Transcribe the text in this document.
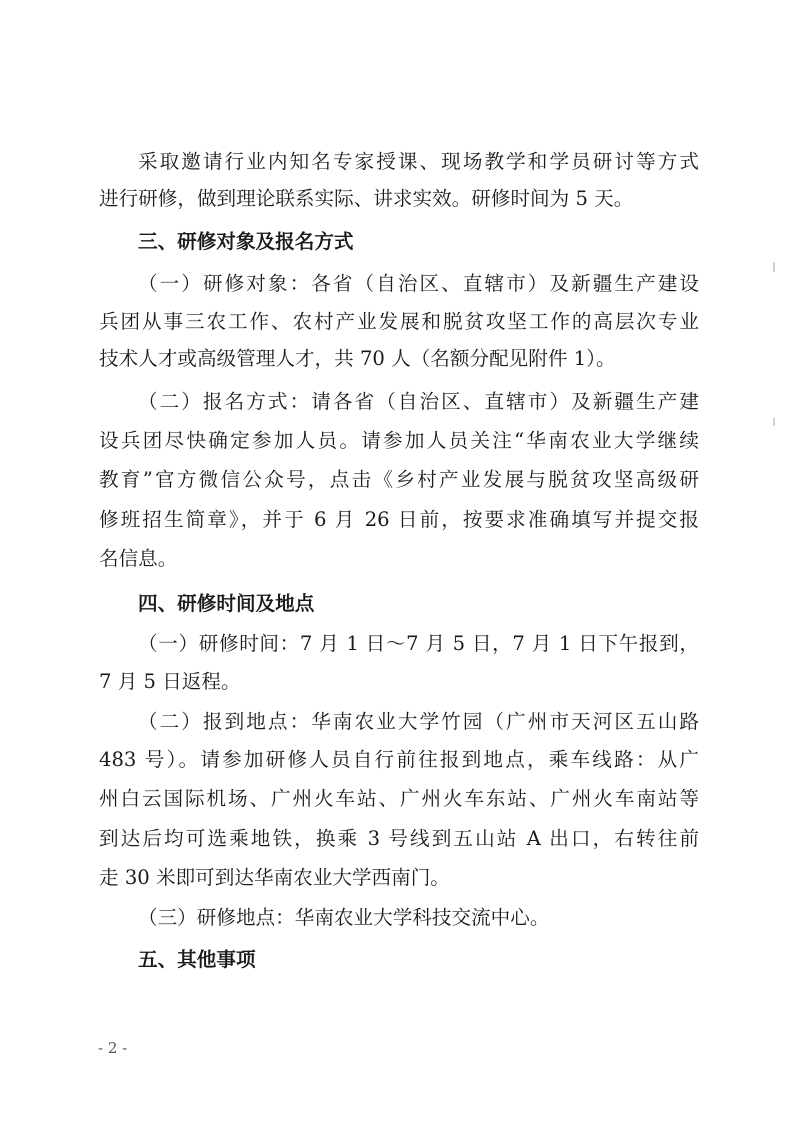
采取邀请行业内知名专家授课、现场教学和学员研讨等方式
进行研修，做到理论联系实际、讲求实效。研修时间为 5 天。
三、研修对象及报名方式
（一）研修对象：各省（自治区、直辖市）及新疆生产建设
兵团从事三农工作、农村产业发展和脱贫攻坚工作的高层次专业
技术人才或高级管理人才，共 70 人（名额分配见附件 1）。
（二）报名方式：请各省（自治区、直辖市）及新疆生产建
设兵团尽快确定参加人员。请参加人员关注“华南农业大学继续
教育”官方微信公众号，点击《乡村产业发展与脱贫攻坚高级研
修班招生简章》，并于 6 月 26 日前，按要求准确填写并提交报
名信息。
四、研修时间及地点
（一）研修时间：7 月 1 日～7 月 5 日，7 月 1 日下午报到，
7 月 5 日返程。
（二）报到地点：华南农业大学竹园（广州市天河区五山路
483 号）。请参加研修人员自行前往报到地点，乘车线路：从广
州白云国际机场、广州火车站、广州火车东站、广州火车南站等
到达后均可选乘地铁，换乘 3 号线到五山站 A 出口，右转往前
走 30 米即可到达华南农业大学西南门。
（三）研修地点：华南农业大学科技交流中心。
五、其他事项
- 2 -
